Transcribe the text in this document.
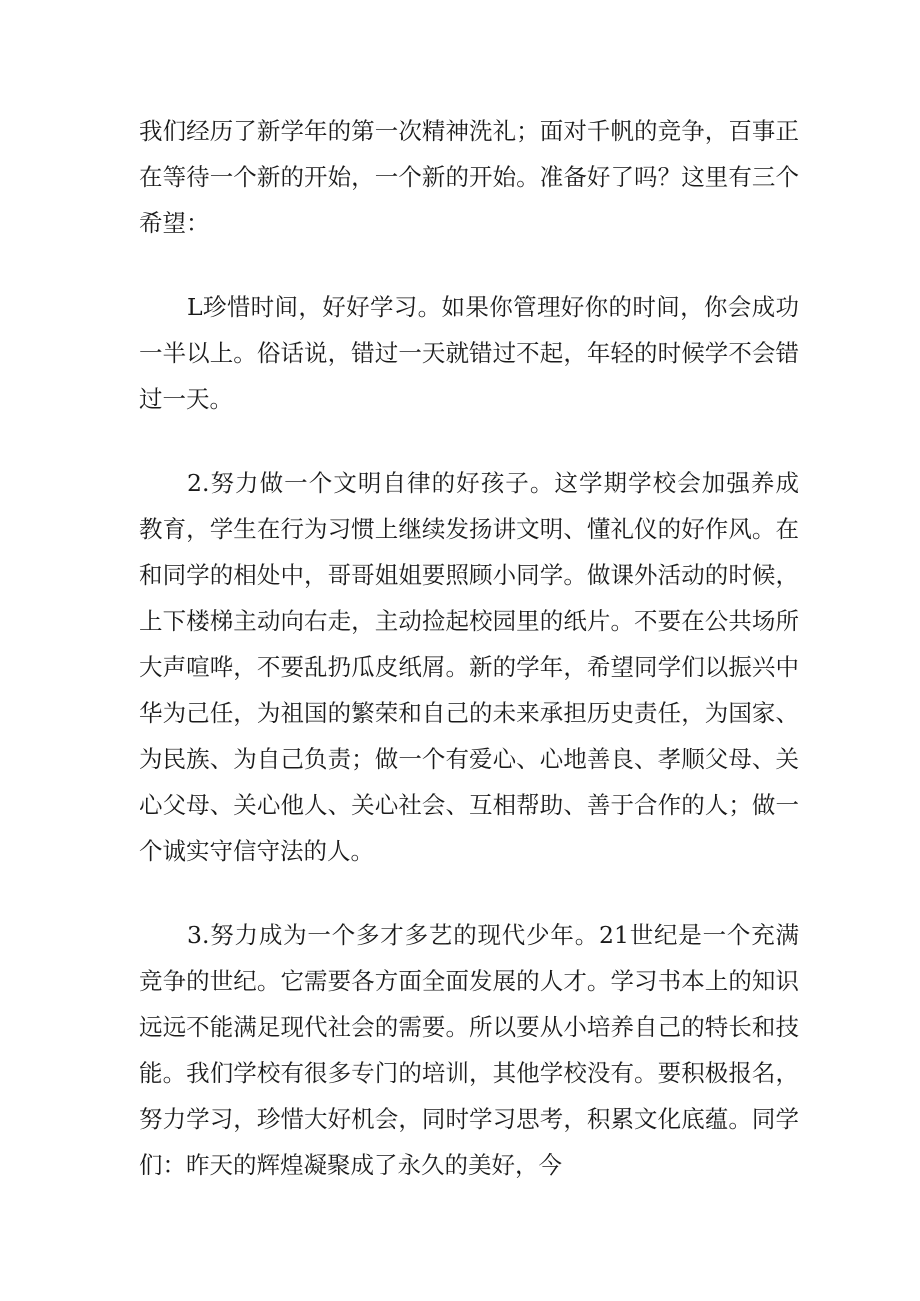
我们经历了新学年的第一次精神洗礼；面对千帆的竞争，百事正

在等待一个新的开始，一个新的开始。准备好了吗？这里有三个

希望：

L珍惜时间，好好学习。如果你管理好你的时间，你会成功

一半以上。俗话说，错过一天就错过不起，年轻的时候学不会错

过一天。

2.努力做一个文明自律的好孩子。这学期学校会加强养成

教育，学生在行为习惯上继续发扬讲文明、懂礼仪的好作风。在

和同学的相处中，哥哥姐姐要照顾小同学。做课外活动的时候，

上下楼梯主动向右走，主动捡起校园里的纸片。不要在公共场所

大声喧哗，不要乱扔瓜皮纸屑。新的学年，希望同学们以振兴中

华为己任，为祖国的繁荣和自己的未来承担历史责任，为国家、

为民族、为自己负责；做一个有爱心、心地善良、孝顺父母、关

心父母、关心他人、关心社会、互相帮助、善于合作的人；做一

个诚实守信守法的人。

3.努力成为一个多才多艺的现代少年。21世纪是一个充满

竞争的世纪。它需要各方面全面发展的人才。学习书本上的知识

远远不能满足现代社会的需要。所以要从小培养自己的特长和技

能。我们学校有很多专门的培训，其他学校没有。要积极报名，

努力学习，珍惜大好机会，同时学习思考，积累文化底蕴。同学

们：昨天的辉煌凝聚成了永久的美好，今
